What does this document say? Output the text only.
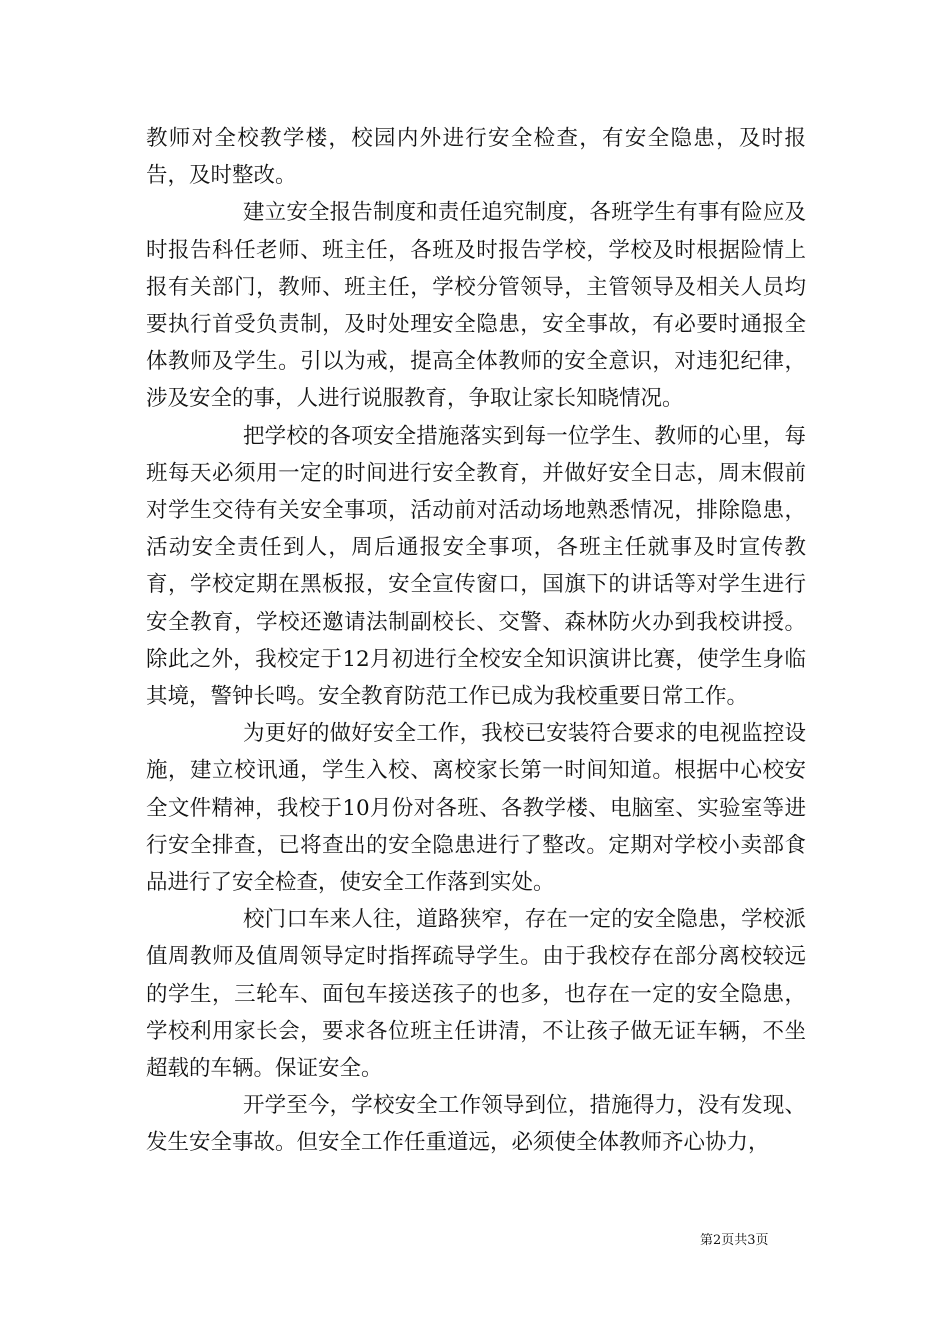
教师对全校教学楼，校园内外进行安全检查，有安全隐患，及时报告，及时整改。

建立安全报告制度和责任追究制度，各班学生有事有险应及时报告科任老师、班主任，各班及时报告学校，学校及时根据险情上报有关部门，教师、班主任，学校分管领导，主管领导及相关人员均要执行首受负责制，及时处理安全隐患，安全事故，有必要时通报全体教师及学生。引以为戒，提高全体教师的安全意识，对违犯纪律，涉及安全的事，人进行说服教育，争取让家长知晓情况。

把学校的各项安全措施落实到每一位学生、教师的心里，每班每天必须用一定的时间进行安全教育，并做好安全日志，周末假前对学生交待有关安全事项，活动前对活动场地熟悉情况，排除隐患，活动安全责任到人，周后通报安全事项，各班主任就事及时宣传教育，学校定期在黑板报，安全宣传窗口，国旗下的讲话等对学生进行安全教育，学校还邀请法制副校长、交警、森林防火办到我校讲授。除此之外，我校定于12月初进行全校安全知识演讲比赛，使学生身临其境，警钟长鸣。安全教育防范工作已成为我校重要日常工作。

为更好的做好安全工作，我校已安装符合要求的电视监控设施，建立校讯通，学生入校、离校家长第一时间知道。根据中心校安全文件精神，我校于10月份对各班、各教学楼、电脑室、实验室等进行安全排查，已将查出的安全隐患进行了整改。定期对学校小卖部食品进行了安全检查，使安全工作落到实处。

校门口车来人往，道路狭窄，存在一定的安全隐患，学校派值周教师及值周领导定时指挥疏导学生。由于我校存在部分离校较远的学生，三轮车、面包车接送孩子的也多，也存在一定的安全隐患，学校利用家长会，要求各位班主任讲清，不让孩子做无证车辆，不坐超载的车辆。保证安全。

开学至今，学校安全工作领导到位，措施得力，没有发现、发生安全事故。但安全工作任重道远，必须使全体教师齐心协力，

第2页共3页
